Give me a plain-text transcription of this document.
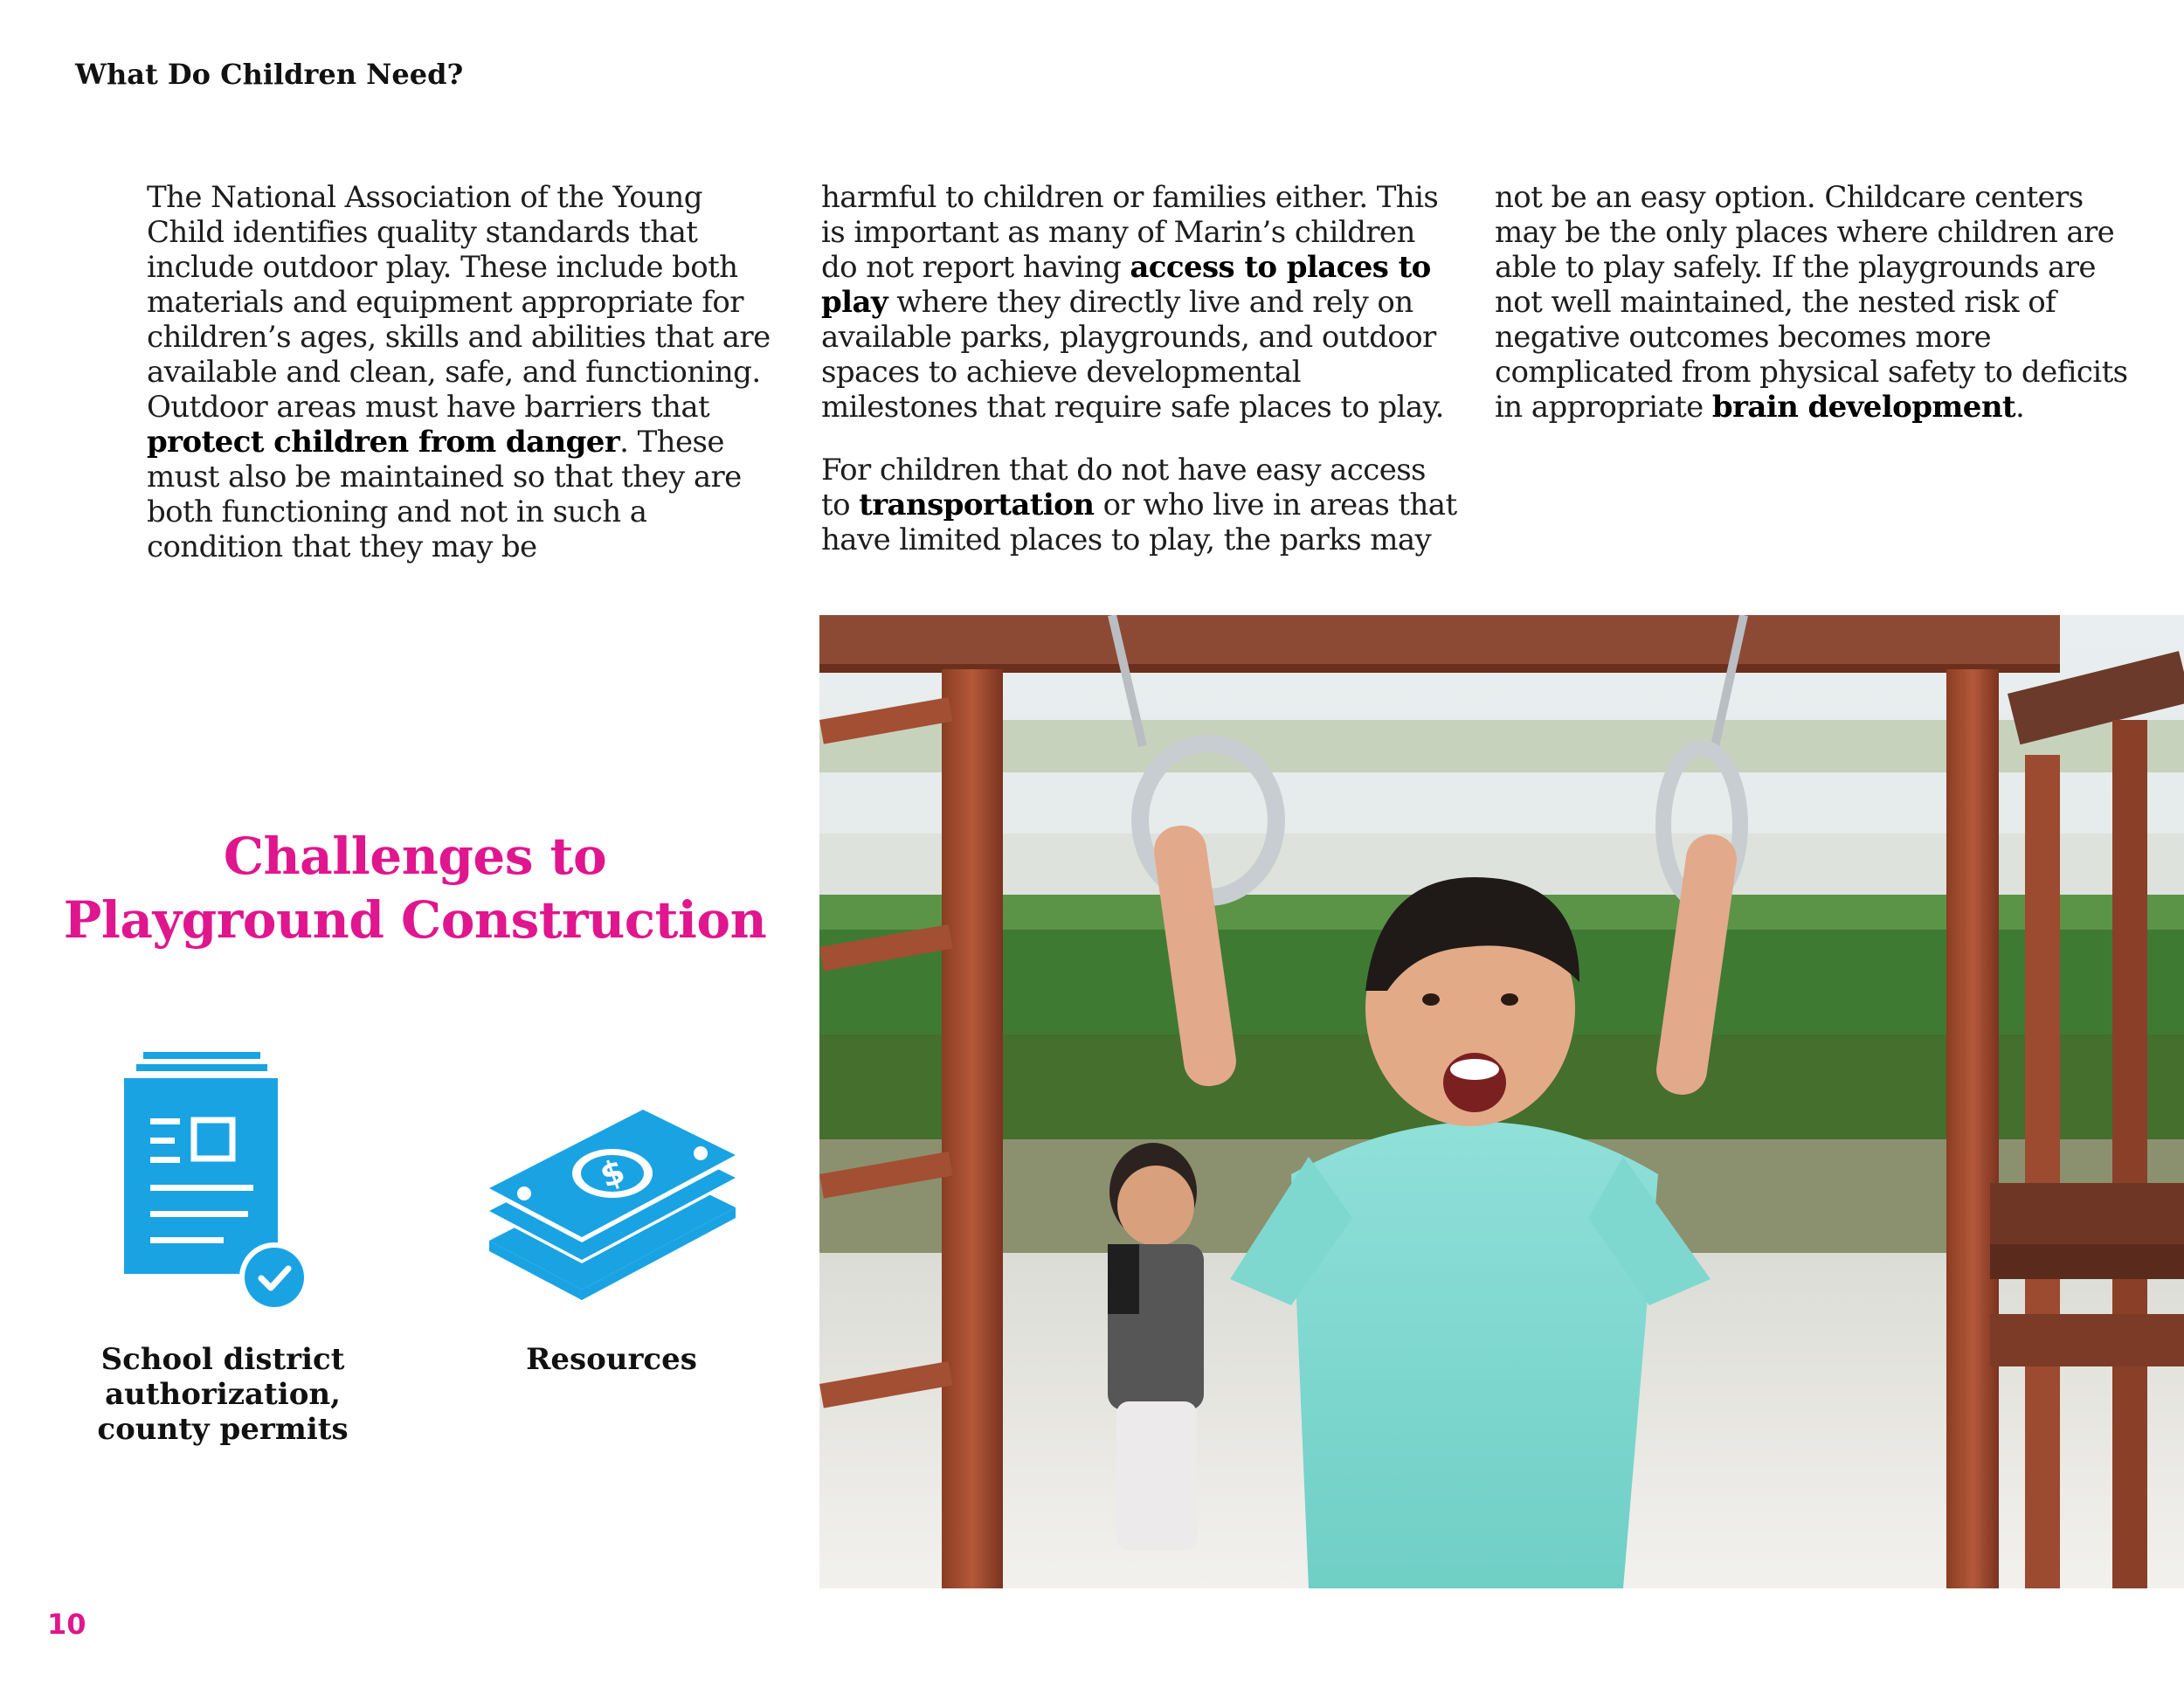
What Do Children Need?

The National Association of the Young Child identifies quality standards that include outdoor play. These include both materials and equipment appropriate for children’s ages, skills and abilities that are available and clean, safe, and functioning. Outdoor areas must have barriers that protect children from danger. These must also be maintained so that they are both functioning and not in such a condition that they may be

harmful to children or families either. This is important as many of Marin’s children do not report having access to places to play where they directly live and rely on available parks, playgrounds, and outdoor spaces to achieve developmental milestones that require safe places to play.

For children that do not have easy access to transportation or who live in areas that have limited places to play, the parks may

not be an easy option. Childcare centers may be the only places where children are able to play safely. If the playgrounds are not well maintained, the nested risk of negative outcomes becomes more complicated from physical safety to deficits in appropriate brain development.

Challenges to
Playground Construction
$
School district
authorization,
county permits
Resources
10
